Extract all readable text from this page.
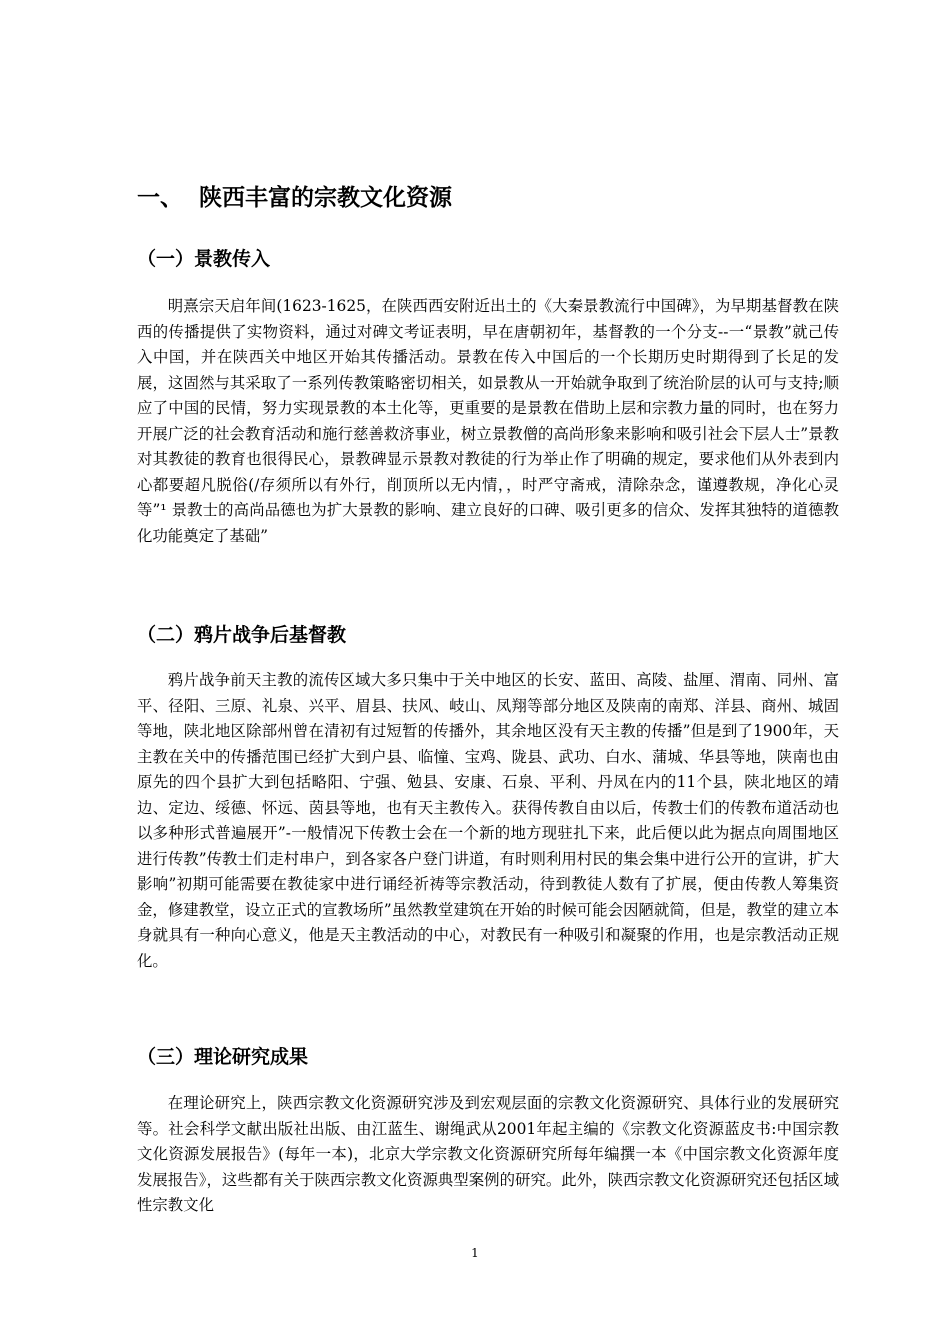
一、 陕西丰富的宗教文化资源
（一）景教传入

明熹宗天启年间(1623-1625，在陕西西安附近出土的《大秦景教流行中国碑》，为早期基督教在陕西的传播提供了实物资料，通过对碑文考证表明，早在唐朝初年，基督教的一个分支--一“景教”就己传入中国，并在陕西关中地区开始其传播活动。景教在传入中国后的一个长期历史时期得到了长足的发展，这固然与其采取了一系列传教策略密切相关，如景教从一开始就争取到了统治阶层的认可与支持;顺应了中国的民情，努力实现景教的本土化等，更重要的是景教在借助上层和宗教力量的同时，也在努力开展广泛的社会教育活动和施行慈善救济事业，树立景教僧的高尚形象来影响和吸引社会下层人士”景教对其教徒的教育也很得民心，景教碑显示景教对教徒的行为举止作了明确的规定，要求他们从外表到内心都要超凡脱俗(/存须所以有外行，削顶所以无内情，，时严守斋戒，清除杂念，谨遵教规，净化心灵等”¹ 景教士的高尚品德也为扩大景教的影响、建立良好的口碑、吸引更多的信众、发挥其独特的道德教化功能奠定了基础”

（二）鸦片战争后基督教

鸦片战争前天主教的流传区域大多只集中于关中地区的长安、蓝田、高陵、盐厘、渭南、同州、富平、径阳、三原、礼泉、兴平、眉县、扶风、岐山、凤翔等部分地区及陕南的南郑、洋县、商州、城固等地，陕北地区除部州曾在清初有过短暂的传播外，其余地区没有天主教的传播”但是到了1900年，天主教在关中的传播范围已经扩大到户县、临憧、宝鸡、陇县、武功、白水、蒲城、华县等地，陕南也由原先的四个县扩大到包括略阳、宁强、勉县、安康、石泉、平利、丹凤在内的11个县，陕北地区的靖边、定边、绥德、怀远、茵县等地，也有天主教传入。获得传教自由以后，传教士们的传教布道活动也以多种形式普遍展开”-一般情况下传教士会在一个新的地方现驻扎下来，此后便以此为据点向周围地区进行传教”传教士们走村串户，到各家各户登门讲道，有时则利用村民的集会集中进行公开的宣讲，扩大影响”初期可能需要在教徒家中进行诵经祈祷等宗教活动，待到教徒人数有了扩展，便由传教人筹集资金，修建教堂，设立正式的宣教场所”虽然教堂建筑在开始的时候可能会因陋就简，但是，教堂的建立本身就具有一种向心意义，他是天主教活动的中心，对教民有一种吸引和凝聚的作用，也是宗教活动正规化。

（三）理论研究成果

在理论研究上，陕西宗教文化资源研究涉及到宏观层面的宗教文化资源研究、具体行业的发展研究等。社会科学文献出版社出版、由江蓝生、谢绳武从2001年起主编的《宗教文化资源蓝皮书:中国宗教文化资源发展报告》(每年一本)，北京大学宗教文化资源研究所每年编撰一本《中国宗教文化资源年度发展报告》，这些都有关于陕西宗教文化资源典型案例的研究。此外，陕西宗教文化资源研究还包括区域性宗教文化

1
